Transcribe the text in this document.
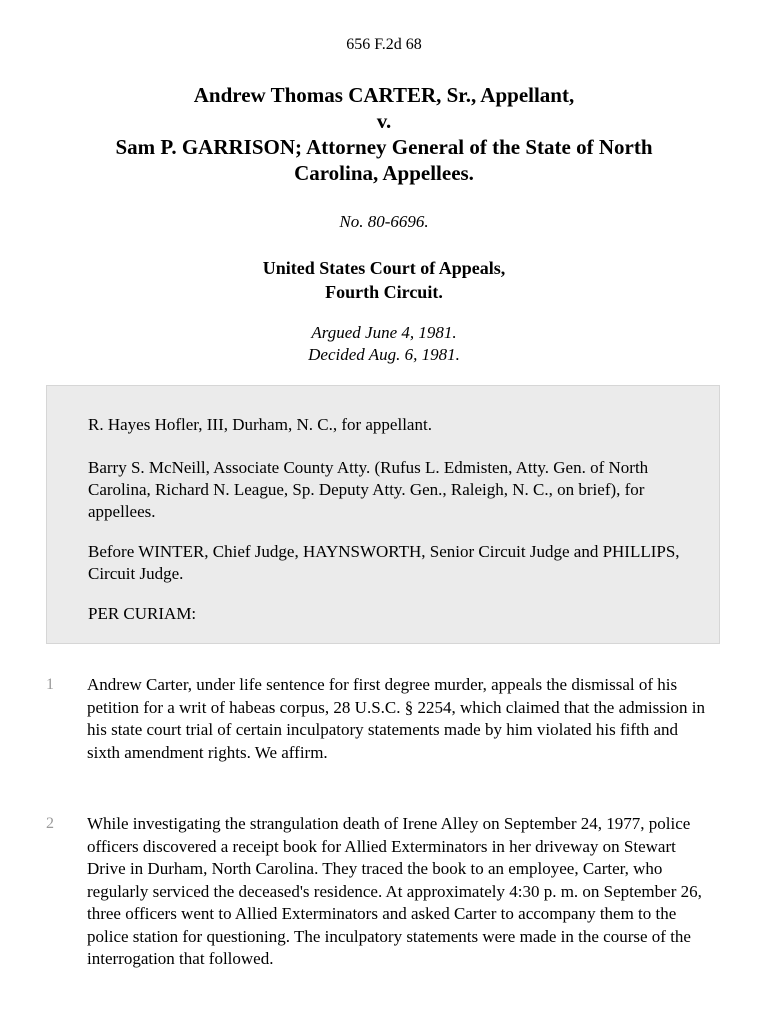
656 F.2d 68
Andrew Thomas CARTER, Sr., Appellant,
v.
Sam P. GARRISON; Attorney General of the State of North
Carolina, Appellees.
No. 80-6696.
United States Court of Appeals,
Fourth Circuit.
Argued June 4, 1981.
Decided Aug. 6, 1981.

R. Hayes Hofler, III, Durham, N. C., for appellant.

Barry S. McNeill, Associate County Atty. (Rufus L. Edmisten, Atty. Gen. of North Carolina, Richard N. League, Sp. Deputy Atty. Gen., Raleigh, N. C., on brief), for appellees.

Before WINTER, Chief Judge, HAYNSWORTH, Senior Circuit Judge and PHILLIPS, Circuit Judge.

PER CURIAM:

1 Andrew Carter, under life sentence for first degree murder, appeals the dismissal of his petition for a writ of habeas corpus, 28 U.S.C. § 2254, which claimed that the admission in his state court trial of certain inculpatory statements made by him violated his fifth and sixth amendment rights. We affirm.
2 While investigating the strangulation death of Irene Alley on September 24, 1977, police officers discovered a receipt book for Allied Exterminators in her driveway on Stewart Drive in Durham, North Carolina. They traced the book to an employee, Carter, who regularly serviced the deceased's residence. At approximately 4:30 p. m. on September 26, three officers went to Allied Exterminators and asked Carter to accompany them to the police station for questioning. The inculpatory statements were made in the course of the interrogation that followed.
